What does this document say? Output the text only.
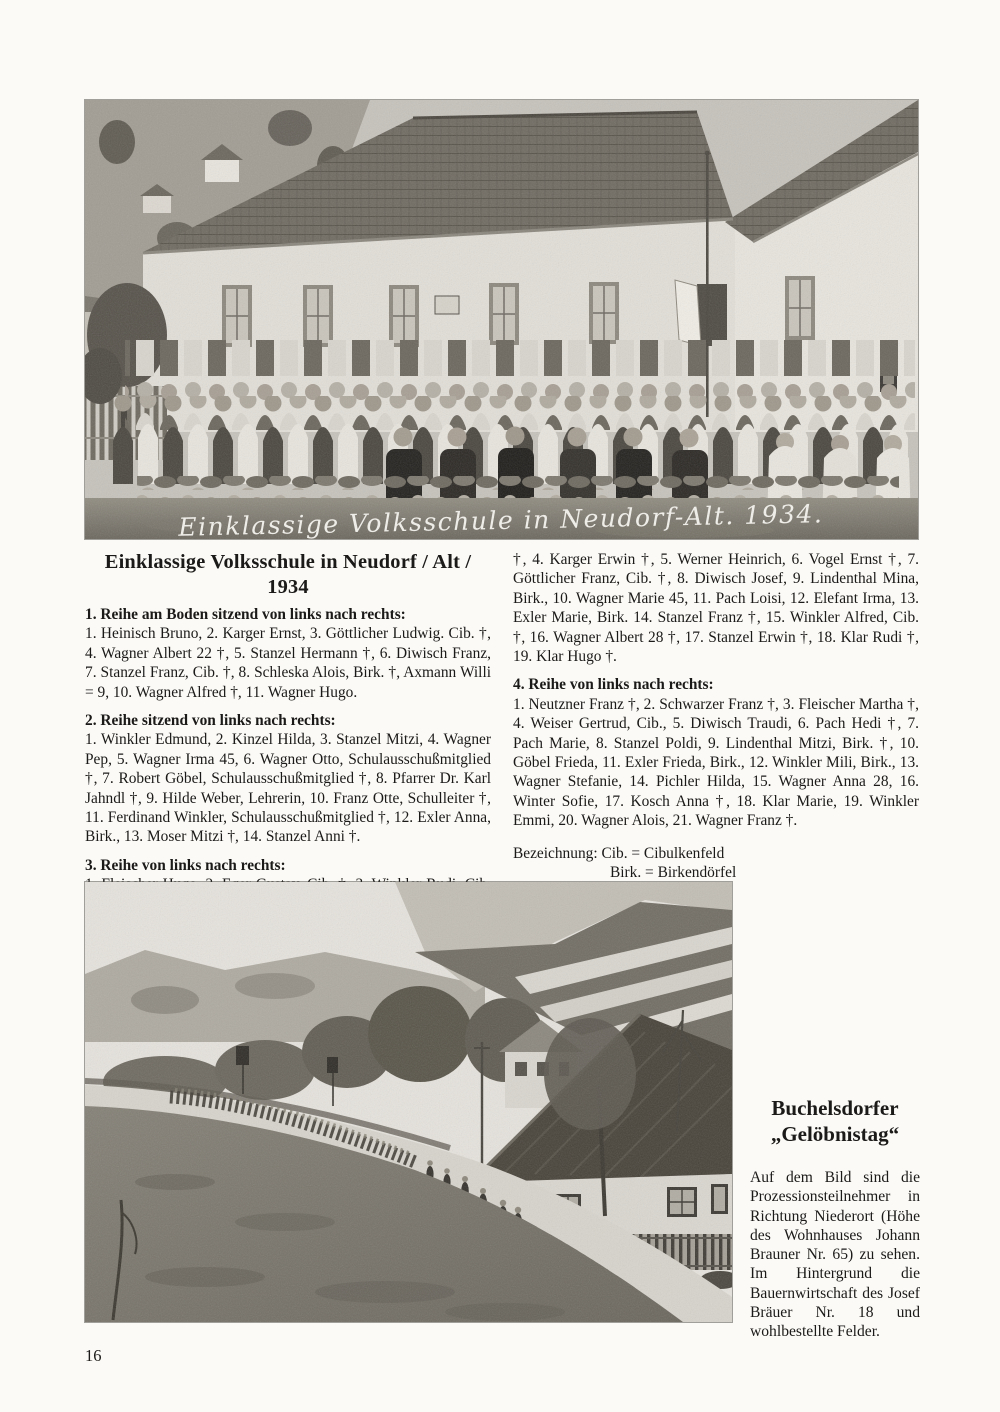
Einklassige Volksschule in Neudorf / Alt / 1934
1. Reihe am Boden sitzend von links nach rechts:
1. Heinisch Bruno, 2. Karger Ernst, 3. Göttlicher Ludwig. Cib. †, 4. Wagner Albert 22 †, 5. Stanzel Hermann †, 6. Diwisch Franz, 7. Stanzel Franz, Cib. †, 8. Schleska Alois, Birk. †, Axmann Willi = 9, 10. Wagner Alfred †, 11. Wagner Hugo.
2. Reihe sitzend von links nach rechts:
1. Winkler Edmund, 2. Kinzel Hilda, 3. Stanzel Mitzi, 4. Wagner Pep, 5. Wagner Irma 45, 6. Wagner Otto, Schulausschußmitglied †, 7. Robert Göbel, Schulausschußmitglied †, 8. Pfarrer Dr. Karl Jahndl †, 9. Hilde Weber, Lehrerin, 10. Franz Otte, Schulleiter †, 11. Ferdinand Winkler, Schulausschußmitglied †, 12. Exler Anna, Birk., 13. Moser Mitzi †, 14. Stanzel Anni †.
3. Reihe von links nach rechts:
†, 4. Karger Erwin †, 5. Werner Heinrich, 6. Vogel Ernst †, 7. Göttlicher Franz, Cib. †, 8. Diwisch Josef, 9. Lindenthal Mina, Birk., 10. Wagner Marie 45, 11. Pach Loisi, 12. Elefant Irma, 13. Exler Marie, Birk. 14. Stanzel Franz †, 15. Winkler Alfred, Cib. †, 16. Wagner Albert 28 †, 17. Stanzel Erwin †, 18. Klar Rudi †, 19. Klar Hugo †.
4. Reihe von links nach rechts:
1. Neutzner Franz †, 2. Schwarzer Franz †, 3. Fleischer Martha †, 4. Weiser Gertrud, Cib., 5. Diwisch Traudi, 6. Pach Hedi †, 7. Pach Marie, 8. Stanzel Poldi, 9. Lindenthal Mitzi, Birk. †, 10. Göbel Frieda, 11. Exler Frieda, Birk., 12. Winkler Mili, Birk., 13. Wagner Stefanie, 14. Pichler Hilda, 15. Wagner Anna 28, 16. Winter Sofie, 17. Kosch Anna †, 18. Klar Marie, 19. Winkler Emmi, 20. Wagner Alois, 21. Wagner Franz †.
Bezeichnung: Cib. = Cibulkenfeld
Birk. = Birkendörfel
Buchelsdorfer
„Gelöbnistag“

Auf dem Bild sind die Prozessionsteilnehmer in Richtung Niederort (Höhe des Wohnhauses Johann Brauner Nr. 65) zu sehen. Im Hintergrund die Bauernwirtschaft des Josef Bräuer Nr. 18 und wohlbestellte Felder.

16
